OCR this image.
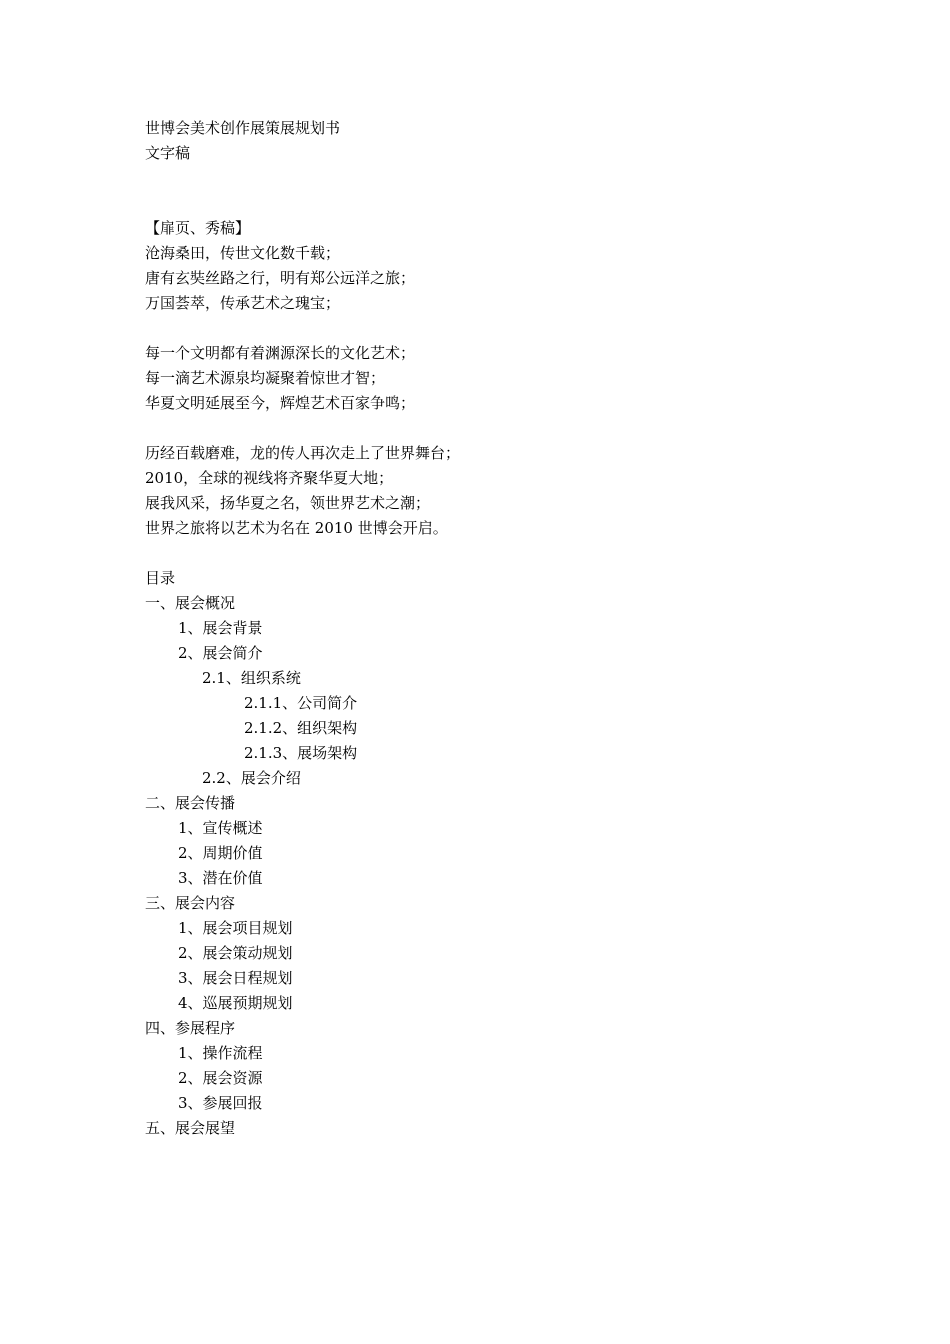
世博会美术创作展策展规划书
文字稿
【扉页、秀稿】
沧海桑田，传世文化数千载；
唐有玄奘丝路之行，明有郑公远洋之旅；
万国荟萃，传承艺术之瑰宝；
每一个文明都有着渊源深长的文化艺术；
每一滴艺术源泉均凝聚着惊世才智；
华夏文明延展至今，辉煌艺术百家争鸣；
历经百载磨难，龙的传人再次走上了世界舞台；
2010，全球的视线将齐聚华夏大地；
展我风采，扬华夏之名，领世界艺术之潮；
世界之旅将以艺术为名在 2010 世博会开启。
目录
一、展会概况
1、展会背景
2、展会简介
2.1、组织系统
2.1.1、公司简介
2.1.2、组织架构
2.1.3、展场架构
2.2、展会介绍
二、展会传播
1、宣传概述
2、周期价值
3、潜在价值
三、展会内容
1、展会项目规划
2、展会策动规划
3、展会日程规划
4、巡展预期规划
四、参展程序
1、操作流程
2、展会资源
3、参展回报
五、展会展望
